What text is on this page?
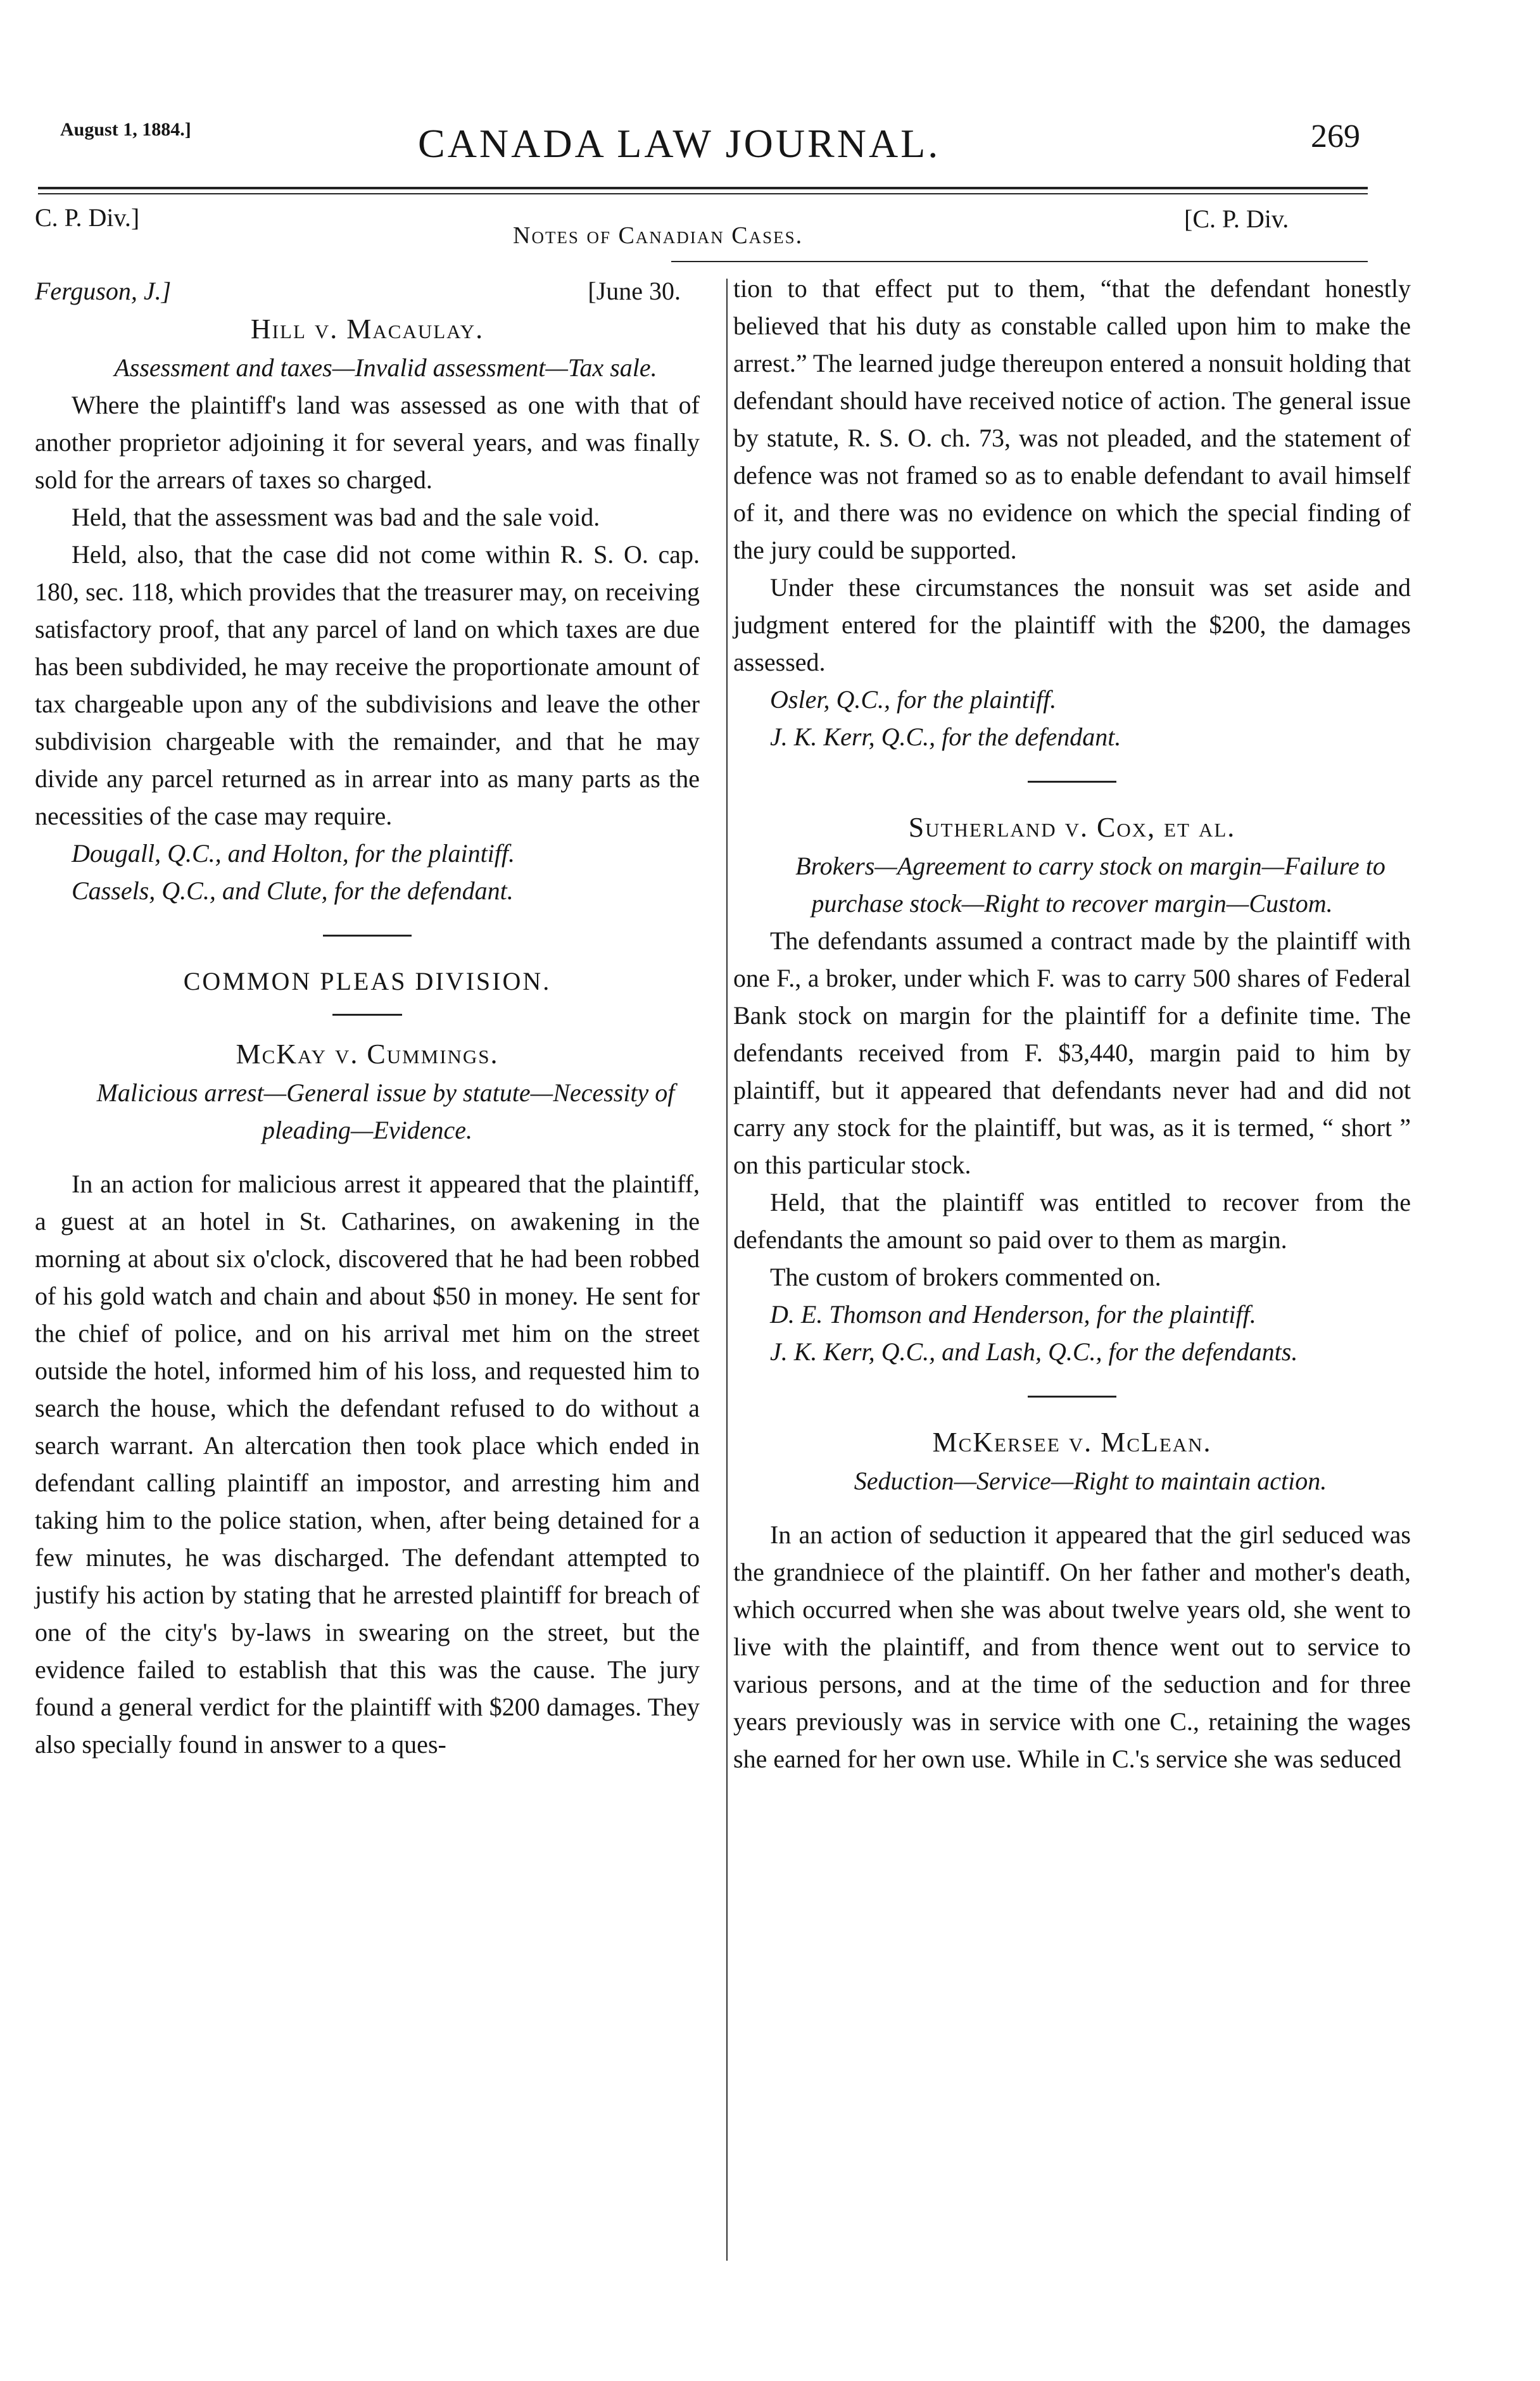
August 1, 1884.]	CANADA LAW JOURNAL.	269
C. P. Div.]
Notes of Canadian Cases.
[C. P. Div.
Ferguson, J.]	[June 30.
Hill v. Macaulay.

Assessment and taxes—Invalid assessment—Tax sale.

Where the plaintiff's land was assessed as one with that of another proprietor adjoining it for several years, and was finally sold for the arrears of taxes so charged.

Held, that the assessment was bad and the sale void.

Held, also, that the case did not come within R. S. O. cap. 180, sec. 118, which provides that the treasurer may, on receiving satisfactory proof, that any parcel of land on which taxes are due has been subdivided, he may receive the proportionate amount of tax chargeable upon any of the subdivisions and leave the other subdivision chargeable with the remainder, and that he may divide any parcel returned as in arrear into as many parts as the necessities of the case may require.

Dougall, Q.C., and Holton, for the plaintiff.

Cassels, Q.C., and Clute, for the defendant.

COMMON PLEAS DIVISION.
McKay v. Cummings.

Malicious arrest—General issue by statute—Necessity of pleading—Evidence.

In an action for malicious arrest it appeared that the plaintiff, a guest at an hotel in St. Catharines, on awakening in the morning at about six o'clock, discovered that he had been robbed of his gold watch and chain and about $50 in money. He sent for the chief of police, and on his arrival met him on the street outside the hotel, informed him of his loss, and requested him to search the house, which the defendant refused to do without a search warrant. An altercation then took place which ended in defendant calling plaintiff an impostor, and arresting him and taking him to the police station, when, after being detained for a few minutes, he was discharged. The defendant attempted to justify his action by stating that he arrested plaintiff for breach of one of the city's by-laws in swearing on the street, but the evidence failed to establish that this was the cause. The jury found a general verdict for the plaintiff with $200 damages. They also specially found in answer to a ques-

tion to that effect put to them, “that the defendant honestly believed that his duty as constable called upon him to make the arrest.” The learned judge thereupon entered a nonsuit holding that defendant should have received notice of action. The general issue by statute, R. S. O. ch. 73, was not pleaded, and the statement of defence was not framed so as to enable defendant to avail himself of it, and there was no evidence on which the special finding of the jury could be supported.

Under these circumstances the nonsuit was set aside and judgment entered for the plaintiff with the $200, the damages assessed.

Osler, Q.C., for the plaintiff.

J. K. Kerr, Q.C., for the defendant.

Sutherland v. Cox, et al.

Brokers—Agreement to carry stock on margin—Failure to purchase stock—Right to recover margin—Custom.

The defendants assumed a contract made by the plaintiff with one F., a broker, under which F. was to carry 500 shares of Federal Bank stock on margin for the plaintiff for a definite time. The defendants received from F. $3,440, margin paid to him by plaintiff, but it appeared that defendants never had and did not carry any stock for the plaintiff, but was, as it is termed, “ short ” on this particular stock.

Held, that the plaintiff was entitled to recover from the defendants the amount so paid over to them as margin.

The custom of brokers commented on.

D. E. Thomson and Henderson, for the plaintiff.

J. K. Kerr, Q.C., and Lash, Q.C., for the defendants.

McKersee v. McLean.

Seduction—Service—Right to maintain action.

In an action of seduction it appeared that the girl seduced was the grandniece of the plaintiff. On her father and mother's death, which occurred when she was about twelve years old, she went to live with the plaintiff, and from thence went out to service to various persons, and at the time of the seduction and for three years previously was in service with one C., retaining the wages she earned for her own use. While in C.'s service she was seduced
